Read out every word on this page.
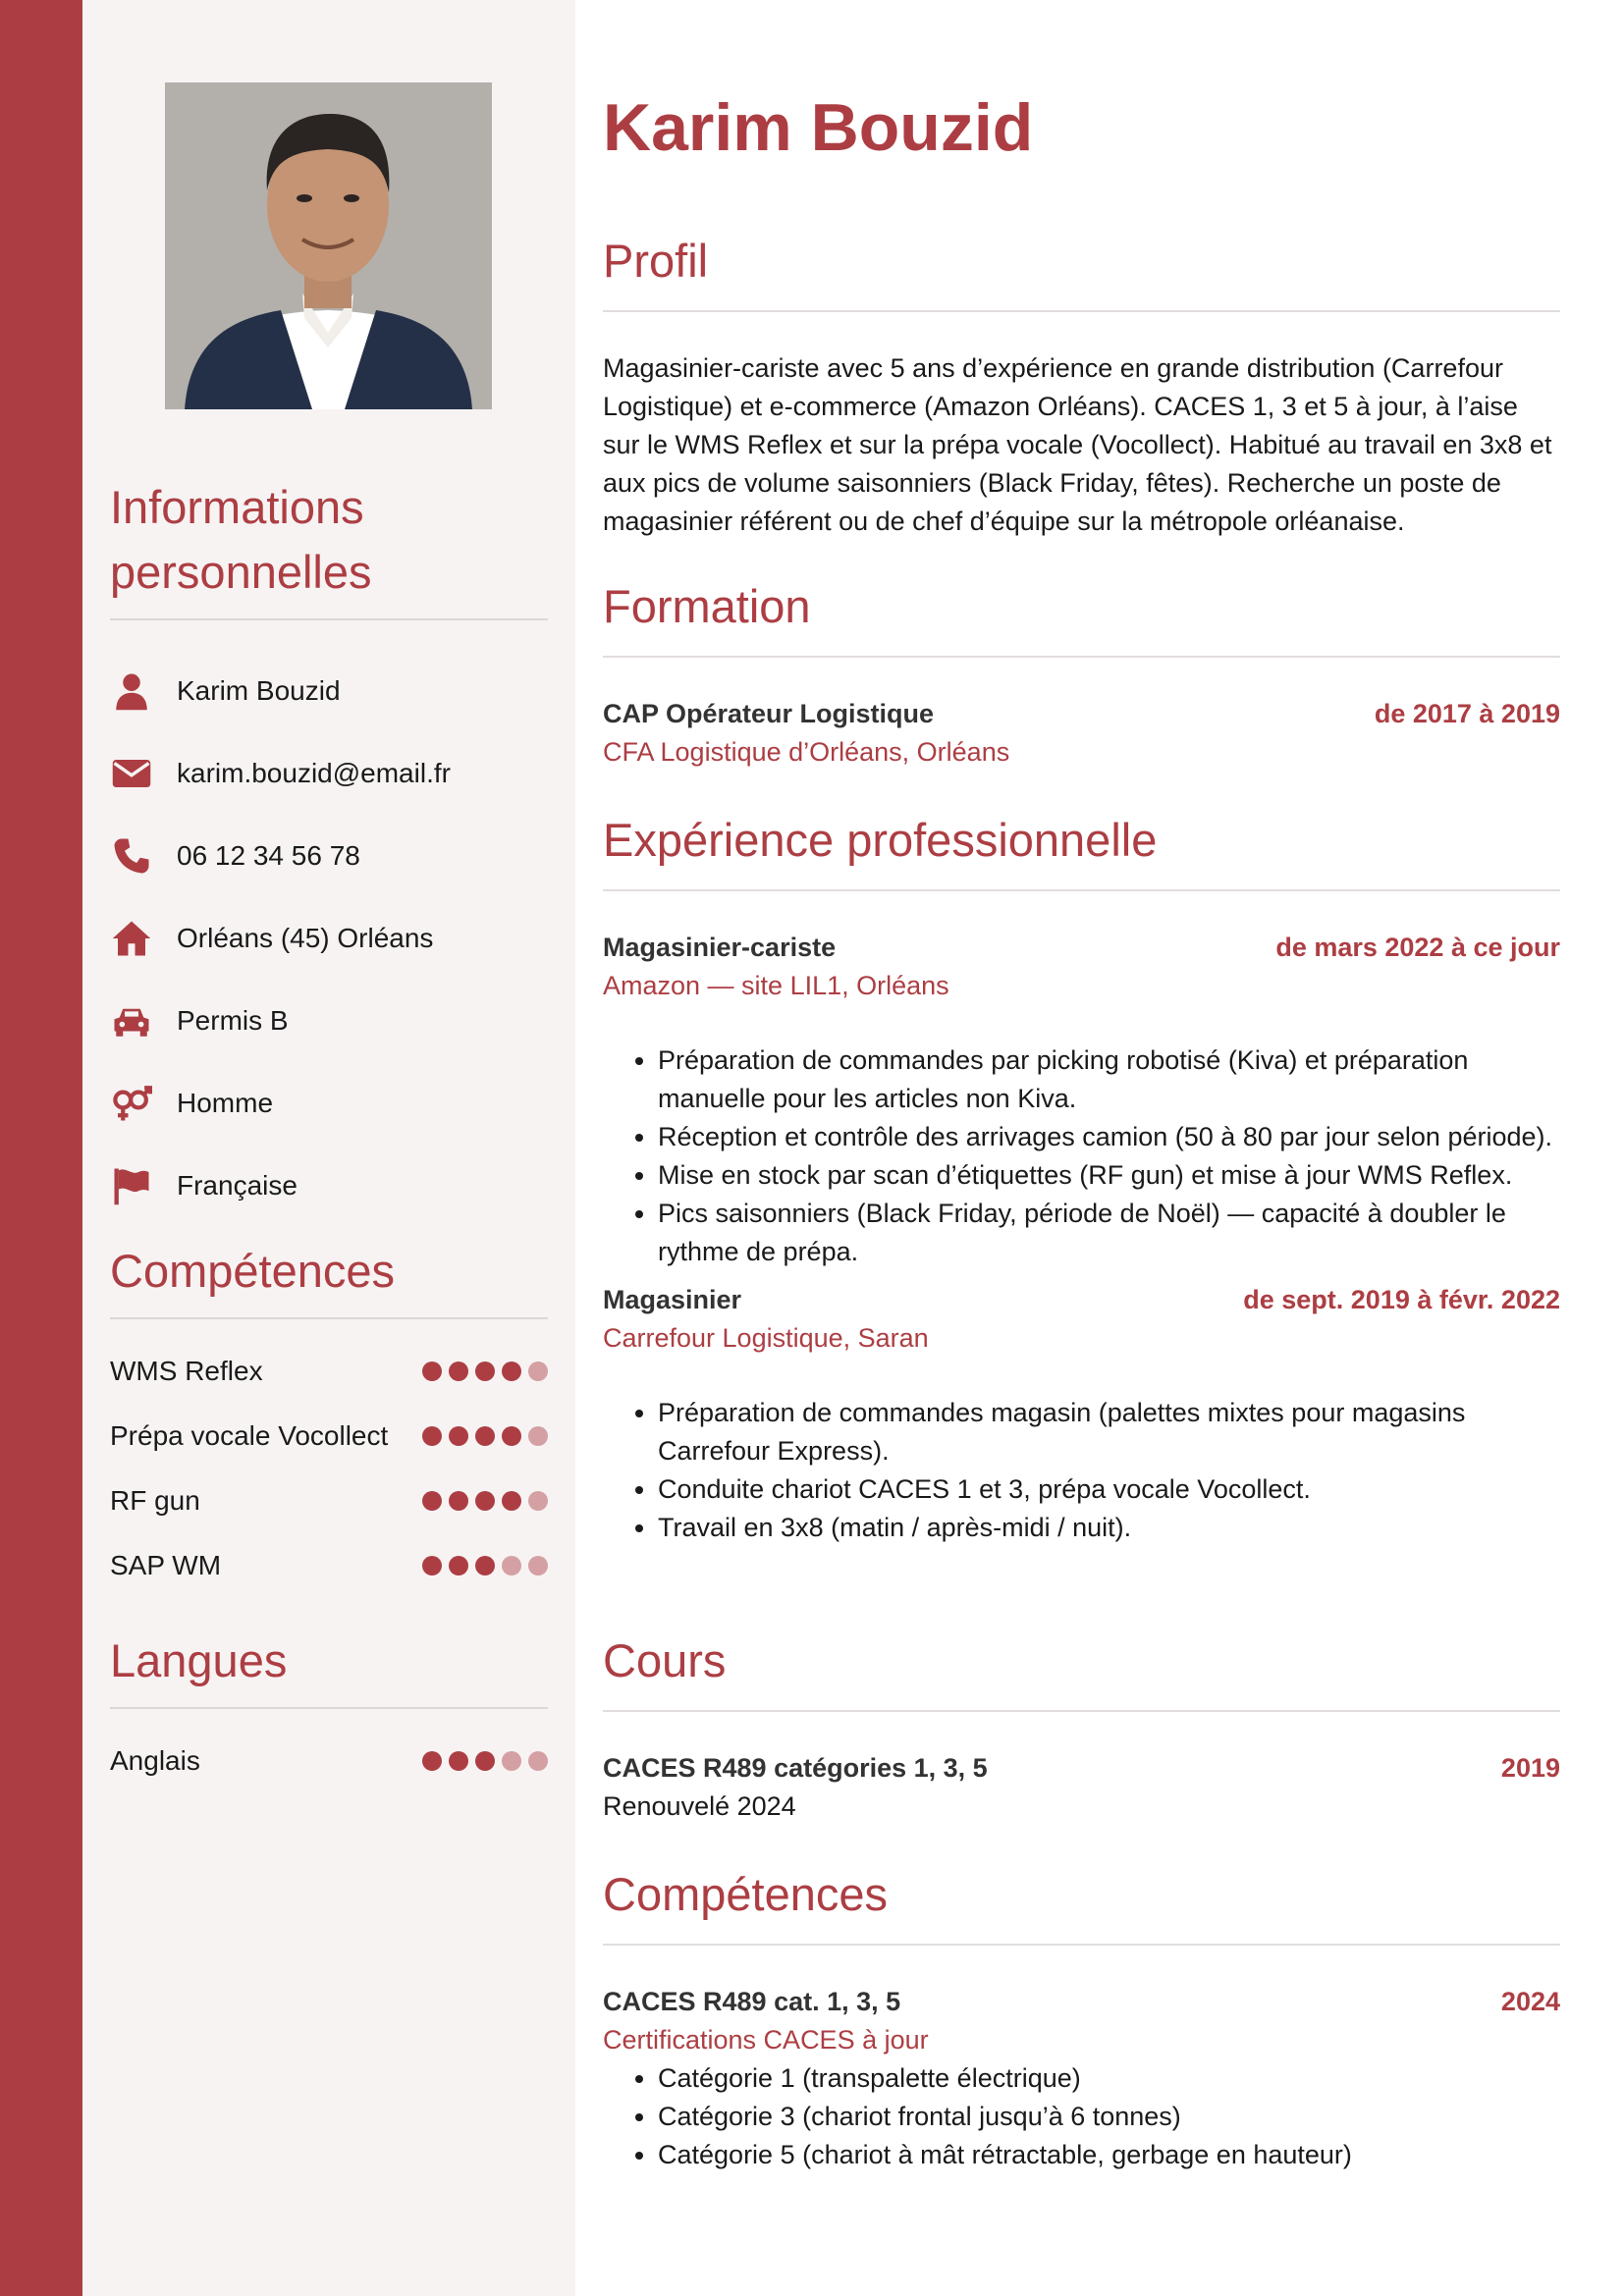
Informations
personnelles
Karim Bouzid
karim.bouzid@email.fr
06 12 34 56 78
Orléans (45) Orléans
Permis B
Homme
Française
Compétences
WMS Reflex
Prépa vocale Vocollect
RF gun
SAP WM
Langues
Anglais
Karim Bouzid
Profil

Magasinier-cariste avec 5 ans d’expérience en grande distribution (Carrefour Logistique) et e-commerce (Amazon Orléans). CACES 1, 3 et 5 à jour, à l’aise sur le WMS Reflex et sur la prépa vocale (Vocollect). Habitué au travail en 3x8 et aux pics de volume saisonniers (Black Friday, fêtes). Recherche un poste de magasinier référent ou de chef d’équipe sur la métropole orléanaise.

Formation
CAP Opérateur Logistique	de 2017 à 2019
CFA Logistique d’Orléans, Orléans
Expérience professionnelle
Magasinier-cariste	de mars 2022 à ce jour
Amazon — site LIL1, Orléans
• Préparation de commandes par picking robotisé (Kiva) et préparation manuelle pour les articles non Kiva.
• Réception et contrôle des arrivages camion (50 à 80 par jour selon période).
• Mise en stock par scan d’étiquettes (RF gun) et mise à jour WMS Reflex.
• Pics saisonniers (Black Friday, période de Noël) — capacité à doubler le rythme de prépa.
Magasinier	de sept. 2019 à févr. 2022
Carrefour Logistique, Saran
• Préparation de commandes magasin (palettes mixtes pour magasins Carrefour Express).
• Conduite chariot CACES 1 et 3, prépa vocale Vocollect.
• Travail en 3x8 (matin / après-midi / nuit).
Cours
CACES R489 catégories 1, 3, 5	2019
Renouvelé 2024
Compétences
CACES R489 cat. 1, 3, 5	2024
Certifications CACES à jour
• Catégorie 1 (transpalette électrique)
• Catégorie 3 (chariot frontal jusqu’à 6 tonnes)
• Catégorie 5 (chariot à mât rétractable, gerbage en hauteur)
